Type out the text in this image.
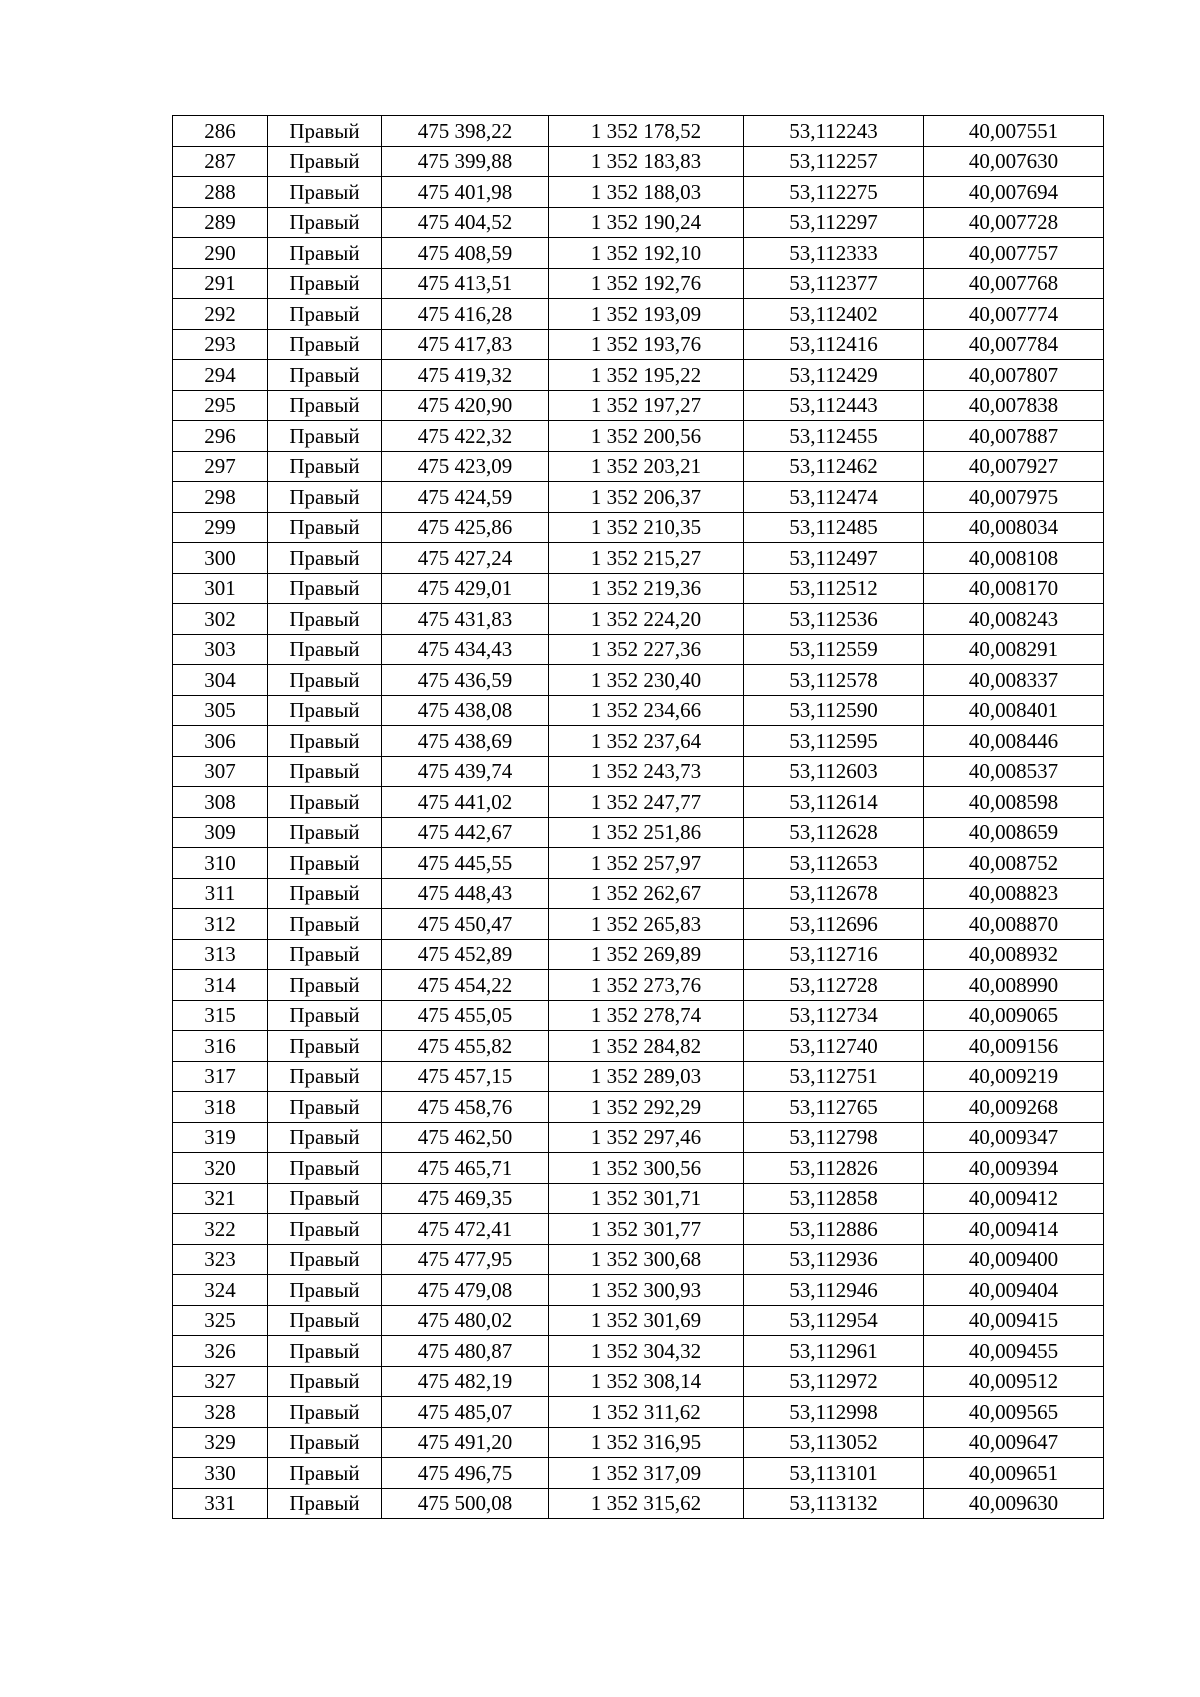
286	Правый	475 398,22	1 352 178,52	53,112243	40,007551
287	Правый	475 399,88	1 352 183,83	53,112257	40,007630
288	Правый	475 401,98	1 352 188,03	53,112275	40,007694
289	Правый	475 404,52	1 352 190,24	53,112297	40,007728
290	Правый	475 408,59	1 352 192,10	53,112333	40,007757
291	Правый	475 413,51	1 352 192,76	53,112377	40,007768
292	Правый	475 416,28	1 352 193,09	53,112402	40,007774
293	Правый	475 417,83	1 352 193,76	53,112416	40,007784
294	Правый	475 419,32	1 352 195,22	53,112429	40,007807
295	Правый	475 420,90	1 352 197,27	53,112443	40,007838
296	Правый	475 422,32	1 352 200,56	53,112455	40,007887
297	Правый	475 423,09	1 352 203,21	53,112462	40,007927
298	Правый	475 424,59	1 352 206,37	53,112474	40,007975
299	Правый	475 425,86	1 352 210,35	53,112485	40,008034
300	Правый	475 427,24	1 352 215,27	53,112497	40,008108
301	Правый	475 429,01	1 352 219,36	53,112512	40,008170
302	Правый	475 431,83	1 352 224,20	53,112536	40,008243
303	Правый	475 434,43	1 352 227,36	53,112559	40,008291
304	Правый	475 436,59	1 352 230,40	53,112578	40,008337
305	Правый	475 438,08	1 352 234,66	53,112590	40,008401
306	Правый	475 438,69	1 352 237,64	53,112595	40,008446
307	Правый	475 439,74	1 352 243,73	53,112603	40,008537
308	Правый	475 441,02	1 352 247,77	53,112614	40,008598
309	Правый	475 442,67	1 352 251,86	53,112628	40,008659
310	Правый	475 445,55	1 352 257,97	53,112653	40,008752
311	Правый	475 448,43	1 352 262,67	53,112678	40,008823
312	Правый	475 450,47	1 352 265,83	53,112696	40,008870
313	Правый	475 452,89	1 352 269,89	53,112716	40,008932
314	Правый	475 454,22	1 352 273,76	53,112728	40,008990
315	Правый	475 455,05	1 352 278,74	53,112734	40,009065
316	Правый	475 455,82	1 352 284,82	53,112740	40,009156
317	Правый	475 457,15	1 352 289,03	53,112751	40,009219
318	Правый	475 458,76	1 352 292,29	53,112765	40,009268
319	Правый	475 462,50	1 352 297,46	53,112798	40,009347
320	Правый	475 465,71	1 352 300,56	53,112826	40,009394
321	Правый	475 469,35	1 352 301,71	53,112858	40,009412
322	Правый	475 472,41	1 352 301,77	53,112886	40,009414
323	Правый	475 477,95	1 352 300,68	53,112936	40,009400
324	Правый	475 479,08	1 352 300,93	53,112946	40,009404
325	Правый	475 480,02	1 352 301,69	53,112954	40,009415
326	Правый	475 480,87	1 352 304,32	53,112961	40,009455
327	Правый	475 482,19	1 352 308,14	53,112972	40,009512
328	Правый	475 485,07	1 352 311,62	53,112998	40,009565
329	Правый	475 491,20	1 352 316,95	53,113052	40,009647
330	Правый	475 496,75	1 352 317,09	53,113101	40,009651
331	Правый	475 500,08	1 352 315,62	53,113132	40,009630
